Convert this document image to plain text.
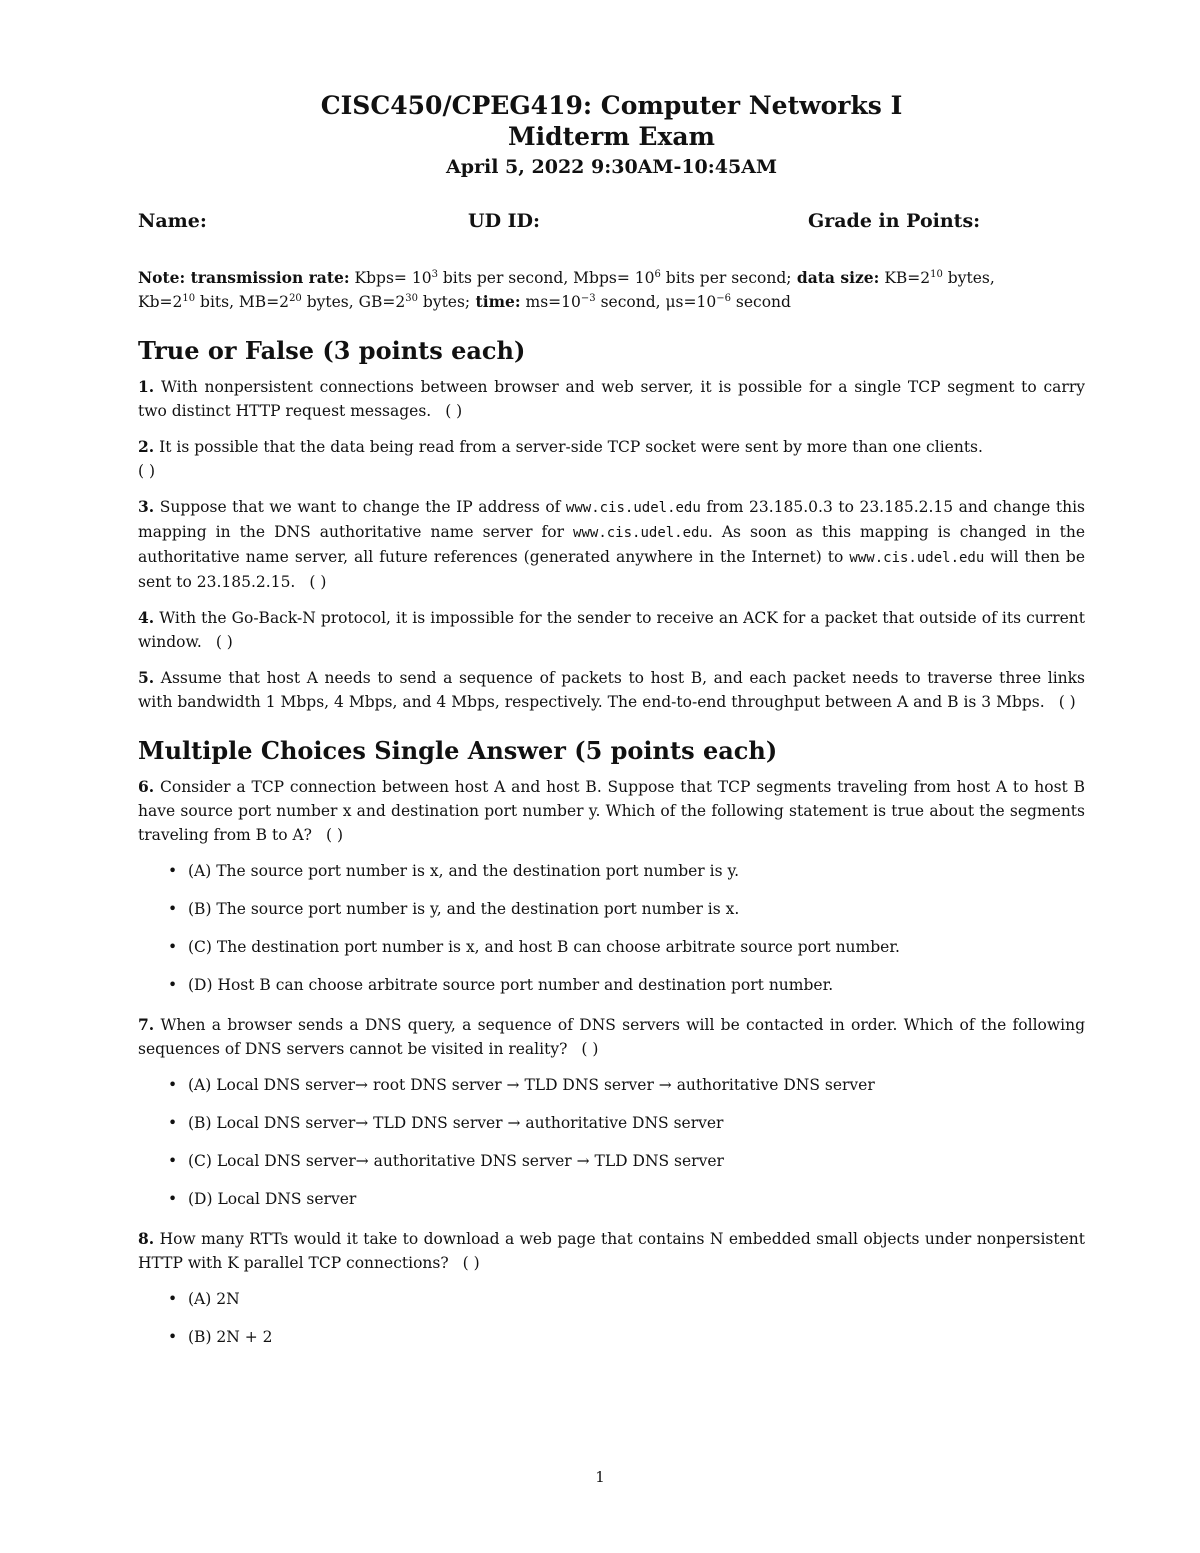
CISC450/CPEG419: Computer Networks I
Midterm Exam
April 5, 2022 9:30AM-10:45AM
Name:	UD ID:	Grade in Points:
Note: transmission rate: Kbps= $10^3$ bits per second, Mbps= $10^6$ bits per second; data size: $KB=2^{10}$ bytes,
$Kb=2^{10}$ bits, $MB=2^{20}$ bytes, $GB=2^{30}$ bytes; time: $ms=10^{-3}$ second, $\mu s=10^{-6}$ second
True or False (3 points each)

1. With nonpersistent connections between browser and web server, it is possible for a single TCP segment to carry two distinct HTTP request messages. ( )

2. It is possible that the data being read from a server-side TCP socket were sent by more than one clients.
( )

3. Suppose that we want to change the IP address of www.cis.udel.edu from 23.185.0.3 to 23.185.2.15 and change this mapping in the DNS authoritative name server for www.cis.udel.edu. As soon as this mapping is changed in the authoritative name server, all future references (generated anywhere in the Internet) to www.cis.udel.edu will then be sent to 23.185.2.15. ( )

4. With the Go-Back-N protocol, it is impossible for the sender to receive an ACK for a packet that outside of its current window. ( )

5. Assume that host A needs to send a sequence of packets to host B, and each packet needs to traverse three links with bandwidth 1 Mbps, 4 Mbps, and 4 Mbps, respectively. The end-to-end throughput between A and B is 3 Mbps. ( )

Multiple Choices Single Answer (5 points each)

6. Consider a TCP connection between host A and host B. Suppose that TCP segments traveling from host A to host B have source port number x and destination port number y. Which of the following statement is true about the segments traveling from B to A? ( )

• (A) The source port number is x, and the destination port number is y.
• (B) The source port number is y, and the destination port number is x.
• (C) The destination port number is x, and host B can choose arbitrate source port number.
• (D) Host B can choose arbitrate source port number and destination port number.

7. When a browser sends a DNS query, a sequence of DNS servers will be contacted in order. Which of the following sequences of DNS servers cannot be visited in reality? ( )

• (A) Local DNS server→ root DNS server → TLD DNS server → authoritative DNS server
• (B) Local DNS server→ TLD DNS server → authoritative DNS server
• (C) Local DNS server→ authoritative DNS server → TLD DNS server
• (D) Local DNS server

8. How many RTTs would it take to download a web page that contains N embedded small objects under nonpersistent HTTP with K parallel TCP connections? ( )

• (A) 2N
• (B) 2N + 2
1
